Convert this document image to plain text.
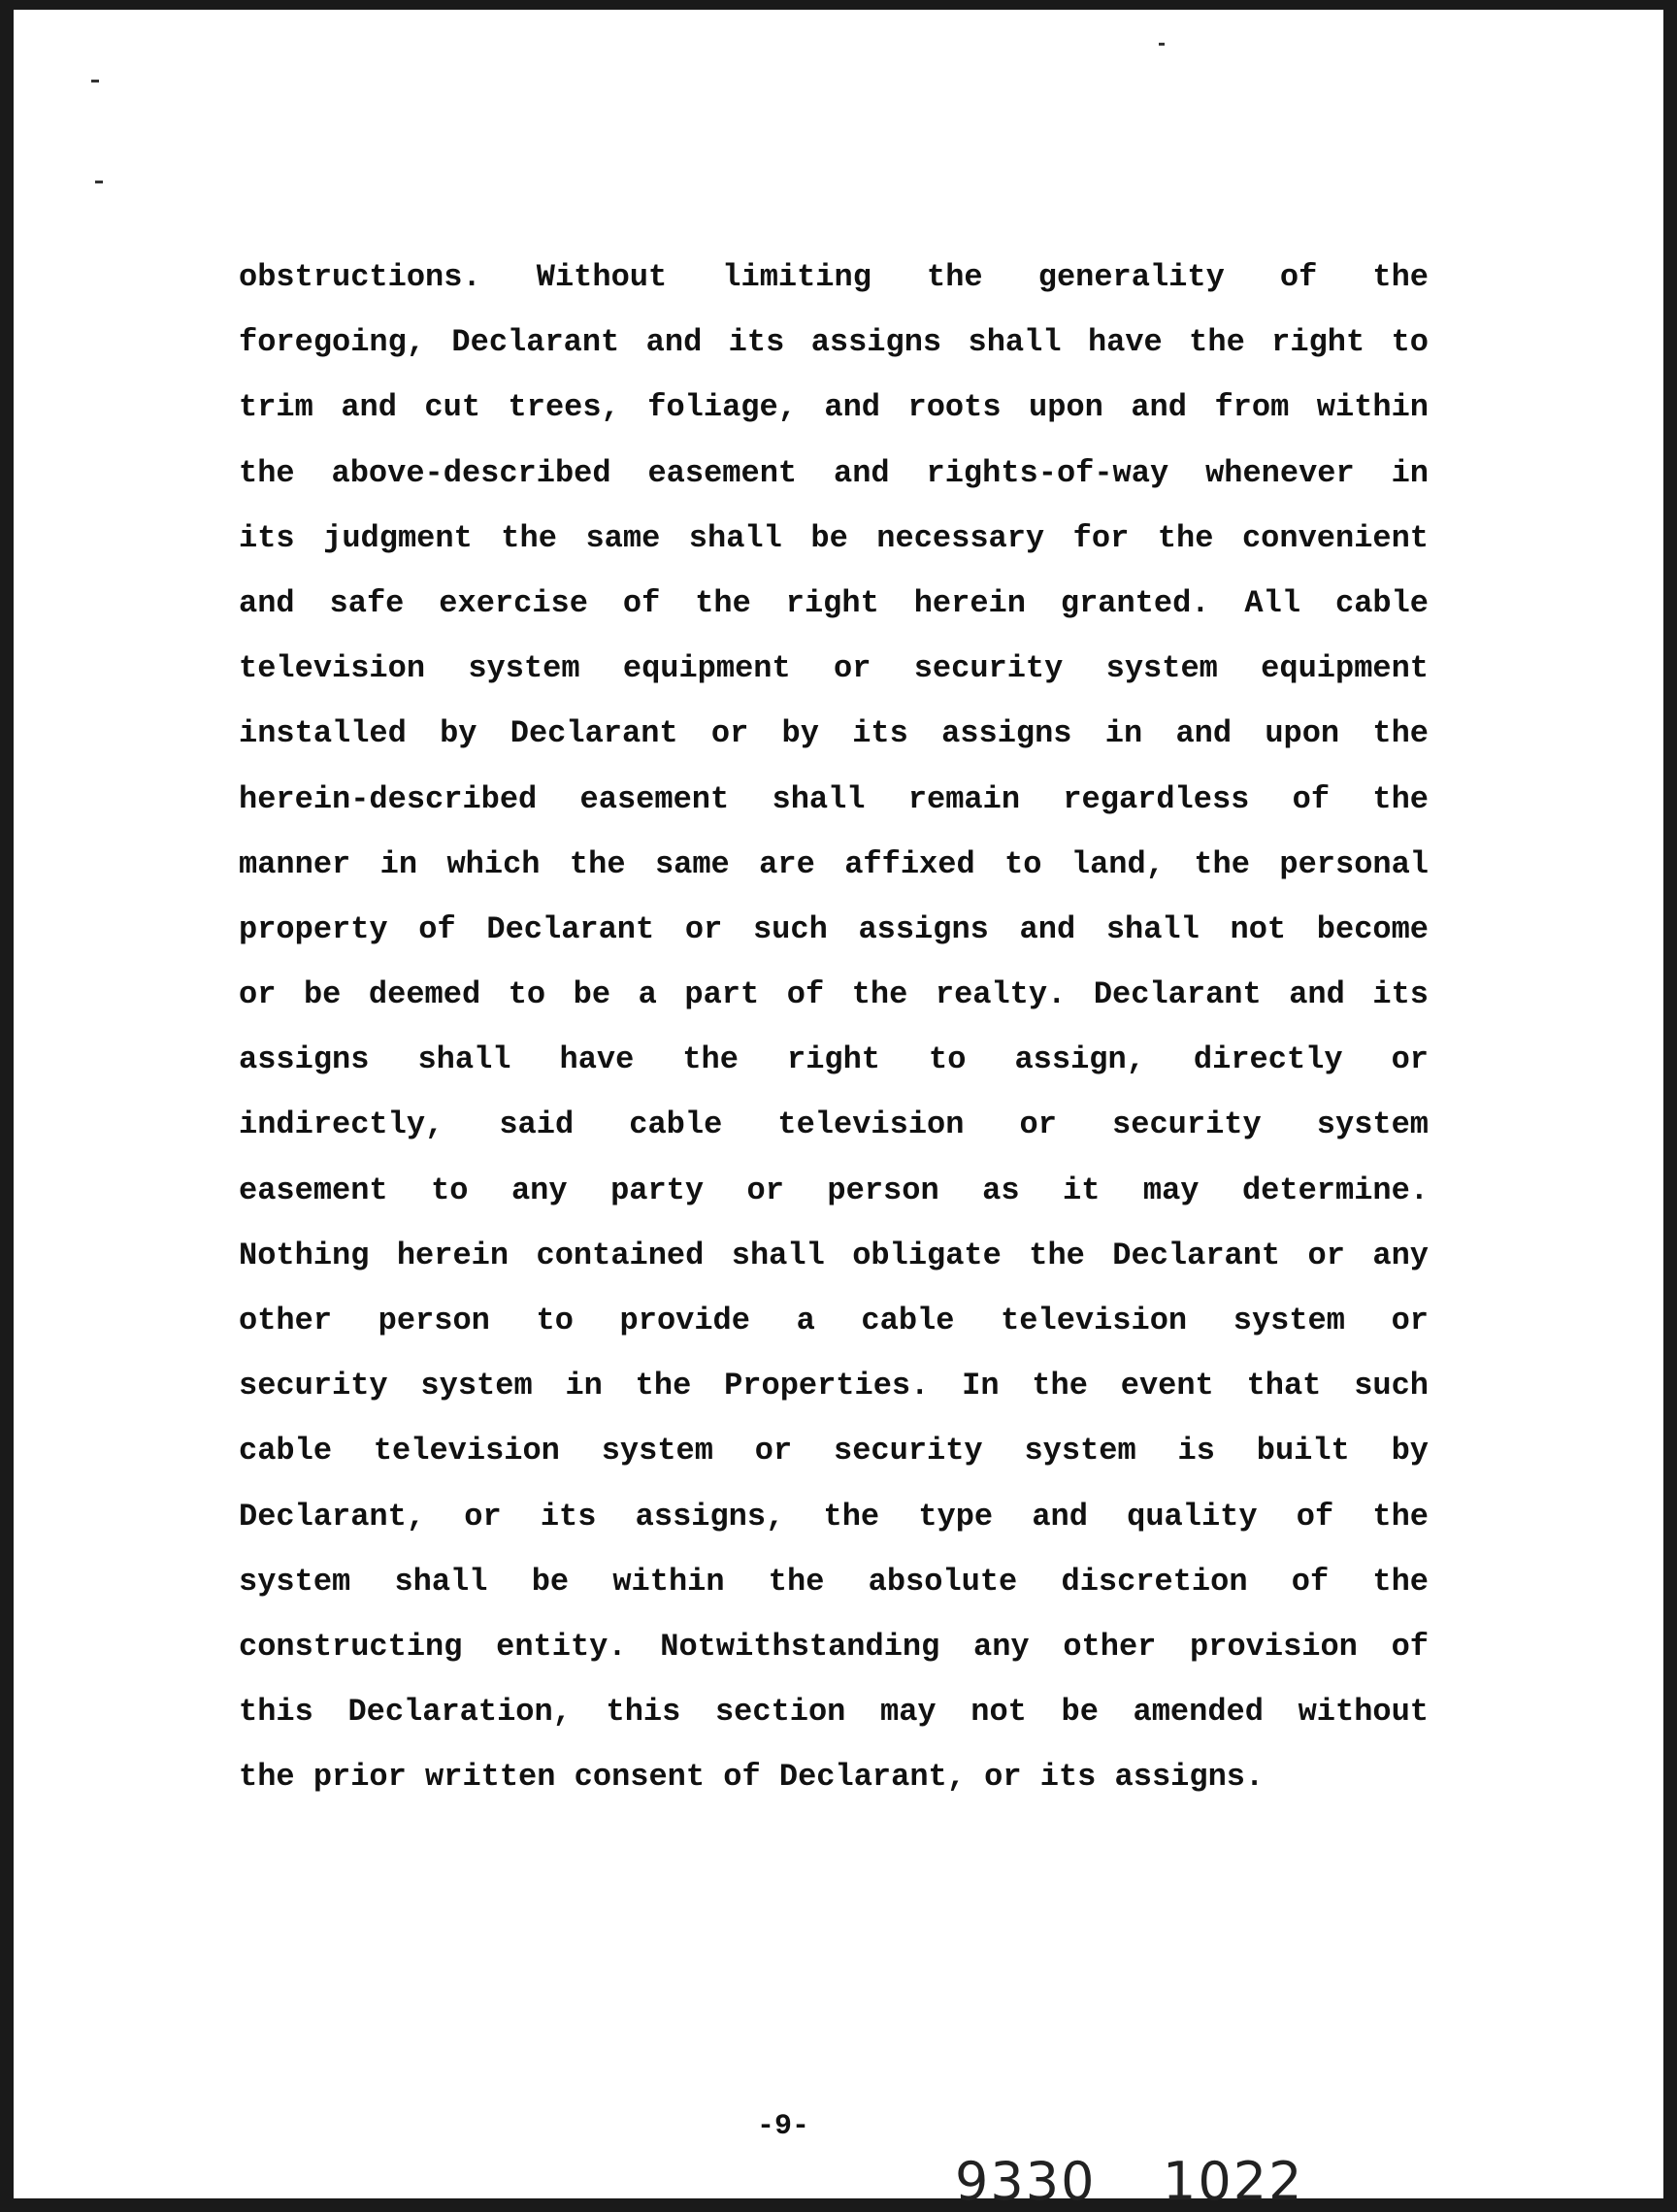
obstructions. Without limiting the generality of the
foregoing, Declarant and its assigns shall have the right to
trim and cut trees, foliage, and roots upon and from within
the above-described easement and rights-of-way whenever in
its judgment the same shall be necessary for the convenient
and safe exercise of the right herein granted. All cable
television system equipment or security system equipment
installed by Declarant or by its assigns in and upon the
herein-described easement shall remain regardless of the
manner in which the same are affixed to land, the personal
property of Declarant or such assigns and shall not become
or be deemed to be a part of the realty. Declarant and its
assigns shall have the right to assign, directly or
indirectly, said cable television or security system
easement to any party or person as it may determine.
Nothing herein contained shall obligate the Declarant or any
other person to provide a cable television system or
security system in the Properties. In the event that such
cable television system or security system is built by
Declarant, or its assigns, the type and quality of the
system shall be within the absolute discretion of the
constructing entity. Notwithstanding any other provision of
this Declaration, this section may not be amended without
the prior written consent of Declarant, or its assigns.
-9-
9330 1022
